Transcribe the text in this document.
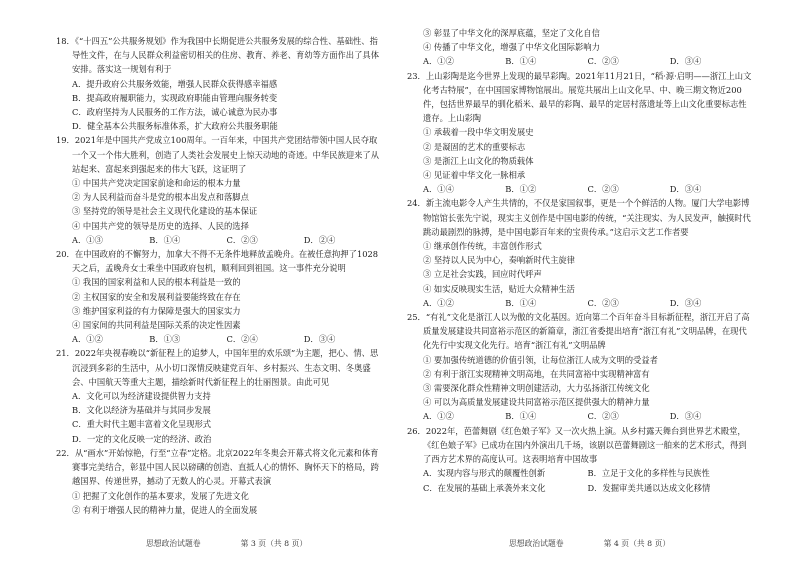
18．《“十四五”公共服务规划》作为我国中长期促进公共服务发展的综合性、基础性、指导性文件，在与人民群众利益密切相关的住房、教育、养老、育幼等方面作出了具体安排。落实这一规划有利于

A．提升政府公共服务效能，增强人民群众获得感幸福感

B．提高政府履职能力，实现政府职能由管理向服务转变

C．政府坚持为人民服务的工作方法，诚心诚意为民办事

D．健全基本公共服务标准体系，扩大政府公共服务职能

19．2021年是中国共产党成立100周年。一百年来，中国共产党团结带领中国人民夺取一个又一个伟大胜利，创造了人类社会发展史上惊天动地的奇迹。中华民族迎来了从站起来、富起来到强起来的伟大飞跃，这证明了

① 中国共产党决定国家前途和命运的根本力量

② 为人民利益而奋斗是党的根本出发点和落脚点

③ 坚持党的领导是社会主义现代化建设的基本保证

④ 中国共产党的领导是历史的选择、人民的选择

A．①③	B．①④	C．②③	D．②④

20．在中国政府的不懈努力，加拿大不得不无条件地释放孟晚舟。在被任意拘押了1028天之后，孟晚舟女士乘坐中国政府包机，顺利回到祖国。这一事件充分说明

① 我国的国家利益和人民的根本利益是一致的

② 主权国家的安全和发展利益要能终致在存在

③ 维护国家利益的有力保障是强大的国家实力

④ 国家间的共同利益是国际关系的决定性因素

A．①②	B．①③	C．②④	D．③④

21．2022年央视春晚以“新征程上的追梦人，中国年里的欢乐颂”为主题，把心、情、思沉浸到多彩的生活中，从小切口深情反映建党百年、乡村振兴、生态文明、冬奥盛会、中国航天等重大主题，描绘新时代新征程上的壮丽图景。由此可见

A．文化可以为经济建设提供智力支持

B．文化以经济为基础并与其同步发展

C．重大时代主题丰富着文化呈现形式

D．一定的文化反映一定的经济、政治

22．从“画水”开始惊艳，行至“立春”定格。北京2022年冬奥会开幕式将文化元素和体育赛事完美结合，彰显中国人民以磅礴的创造、直抵人心的情怀、胸怀天下的格局，跨越国界、传递世界，撼动了无数人的心灵。开幕式表演

① 把握了文化创作的基本要求，发展了先进文化

② 有利于增强人民的精神力量，促进人的全面发展

思想政治试题卷	第 3 页（共 8 页）

③ 彰显了中华文化的深厚底蕴，坚定了文化自信

④ 传播了中华文化，增强了中华文化国际影响力

A．①②	B．①④	C．②③	D．③④

23．上山彩陶是迄今世界上发现的最早彩陶。2021年11月21日，“稻·源·启明——浙江上山文化考古特展”，在中国国家博物馆展出。展览共展出上山文化早、中、晚三期文物近200件，包括世界最早的驯化稻米、最早的彩陶、最早的定居村落遗址等上山文化重要标志性遗存。上山彩陶

① 承载着一段中华文明发展史

② 是凝固的艺术的重要标志

③ 是浙江上山文化的物质载体

④ 见证着中华文化一脉相承

A．①④	B．①②	C．②③	D．③④

24．新主流电影令人产生共情的，不仅是家国叙事，更是一个个鲜活的人物。厦门大学电影博物馆馆长张先宁说，现实主义创作是中国电影的传统，“关注现实、为人民发声，触摸时代跳动最剧烈的脉搏，是中国电影百年来的宝贵传承。”这启示文艺工作者要

① 继承创作传统，丰富创作形式

② 坚持以人民为中心，奏响新时代主旋律

③ 立足社会实践，回应时代呼声

④ 如实反映现实生活，贴近大众精神生活

A．①②	B．①④	C．②③	D．③④

25．“有礼”文化是浙江人以为傲的文化基因。近向第二个百年奋斗目标新征程，浙江开启了高质量发展建设共同富裕示范区的新篇章，浙江省委提出培育“浙江有礼”文明品牌，在现代化先行中实现文化先行。培育“浙江有礼”文明品牌

① 要加强传统道德的价值引领，让每位浙江人成为文明的受益者

② 有利于浙江实现精神文明高地，在共同富裕中实现精神富有

③ 需要深化群众性精神文明创建活动，大力弘扬浙江传统文化

④ 可以为高质量发展建设共同富裕示范区提供强大的精神力量

A．①②	B．①④	C．②③	D．③④

26．2022年，芭蕾舞剧《红色娘子军》又一次火热上演。从乡村露天舞台到世界艺术殿堂，《红色娘子军》已成功在国内外演出几千场，该剧以芭蕾舞剧这一舶来的艺术形式，得到了西方艺术界的高度认可。这表明培育中国故事

A．实现内容与形式的颠覆性创新	B．立足于文化的多样性与民族性
C．在发展的基础上承袭外来文化	D．发掘审美共通以达成文化移情
思想政治试题卷	第 4 页（共 8 页）
